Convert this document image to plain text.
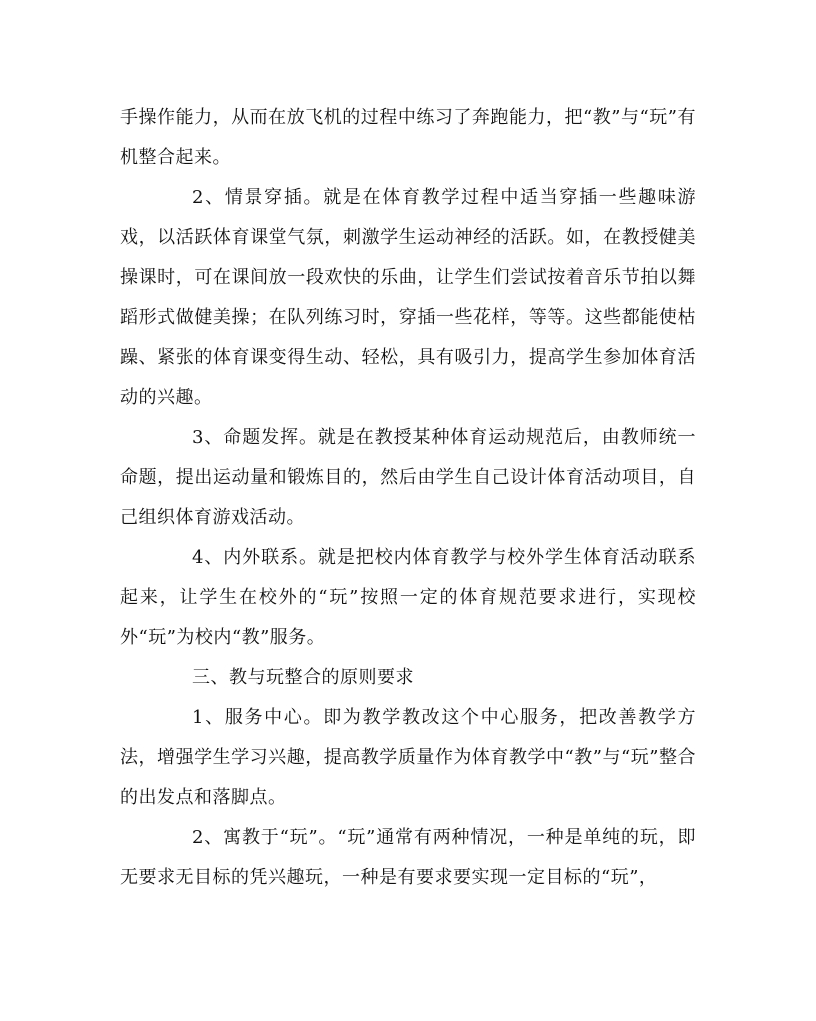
手操作能力，从而在放飞机的过程中练习了奔跑能力，把“教”与“玩”有机整合起来。

2、情景穿插。就是在体育教学过程中适当穿插一些趣味游戏，以活跃体育课堂气氛，刺激学生运动神经的活跃。如，在教授健美操课时，可在课间放一段欢快的乐曲，让学生们尝试按着音乐节拍以舞蹈形式做健美操；在队列练习时，穿插一些花样，等等。这些都能使枯躁、紧张的体育课变得生动、轻松，具有吸引力，提高学生参加体育活动的兴趣。

3、命题发挥。就是在教授某种体育运动规范后，由教师统一命题，提出运动量和锻炼目的，然后由学生自己设计体育活动项目，自己组织体育游戏活动。

4、内外联系。就是把校内体育教学与校外学生体育活动联系起来，让学生在校外的“玩”按照一定的体育规范要求进行，实现校外“玩”为校内“教”服务。

三、教与玩整合的原则要求

1、服务中心。即为教学教改这个中心服务，把改善教学方法，增强学生学习兴趣，提高教学质量作为体育教学中“教”与“玩”整合的出发点和落脚点。

2、寓教于“玩”。“玩”通常有两种情况，一种是单纯的玩，即无要求无目标的凭兴趣玩，一种是有要求要实现一定目标的“玩”，
